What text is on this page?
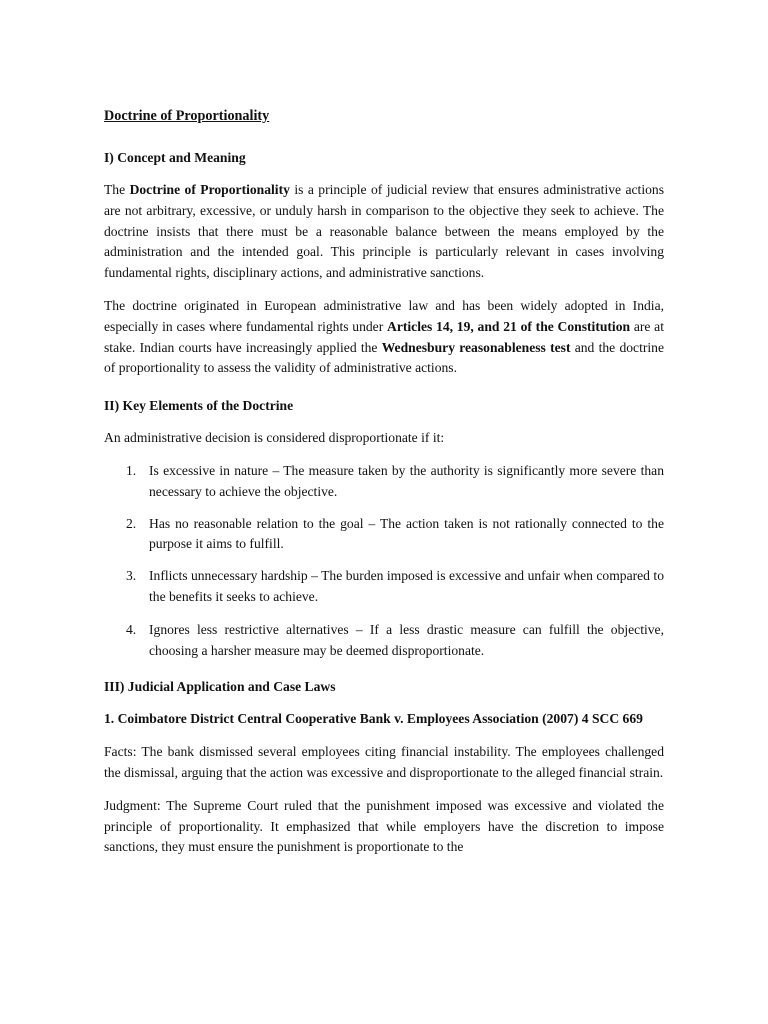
Doctrine of Proportionality

I) Concept and Meaning

The Doctrine of Proportionality is a principle of judicial review that ensures administrative actions are not arbitrary, excessive, or unduly harsh in comparison to the objective they seek to achieve. The doctrine insists that there must be a reasonable balance between the means employed by the administration and the intended goal. This principle is particularly relevant in cases involving fundamental rights, disciplinary actions, and administrative sanctions.

The doctrine originated in European administrative law and has been widely adopted in India, especially in cases where fundamental rights under Articles 14, 19, and 21 of the Constitution are at stake. Indian courts have increasingly applied the Wednesbury reasonableness test and the doctrine of proportionality to assess the validity of administrative actions.

II) Key Elements of the Doctrine

An administrative decision is considered disproportionate if it:

1. Is excessive in nature – The measure taken by the authority is significantly more severe than necessary to achieve the objective.
2. Has no reasonable relation to the goal – The action taken is not rationally connected to the purpose it aims to fulfill.
3. Inflicts unnecessary hardship – The burden imposed is excessive and unfair when compared to the benefits it seeks to achieve.
4. Ignores less restrictive alternatives – If a less drastic measure can fulfill the objective, choosing a harsher measure may be deemed disproportionate.

III) Judicial Application and Case Laws

1. Coimbatore District Central Cooperative Bank v. Employees Association (2007) 4 SCC 669

Facts: The bank dismissed several employees citing financial instability. The employees challenged the dismissal, arguing that the action was excessive and disproportionate to the alleged financial strain.

Judgment: The Supreme Court ruled that the punishment imposed was excessive and violated the principle of proportionality. It emphasized that while employers have the discretion to impose sanctions, they must ensure the punishment is proportionate to the
